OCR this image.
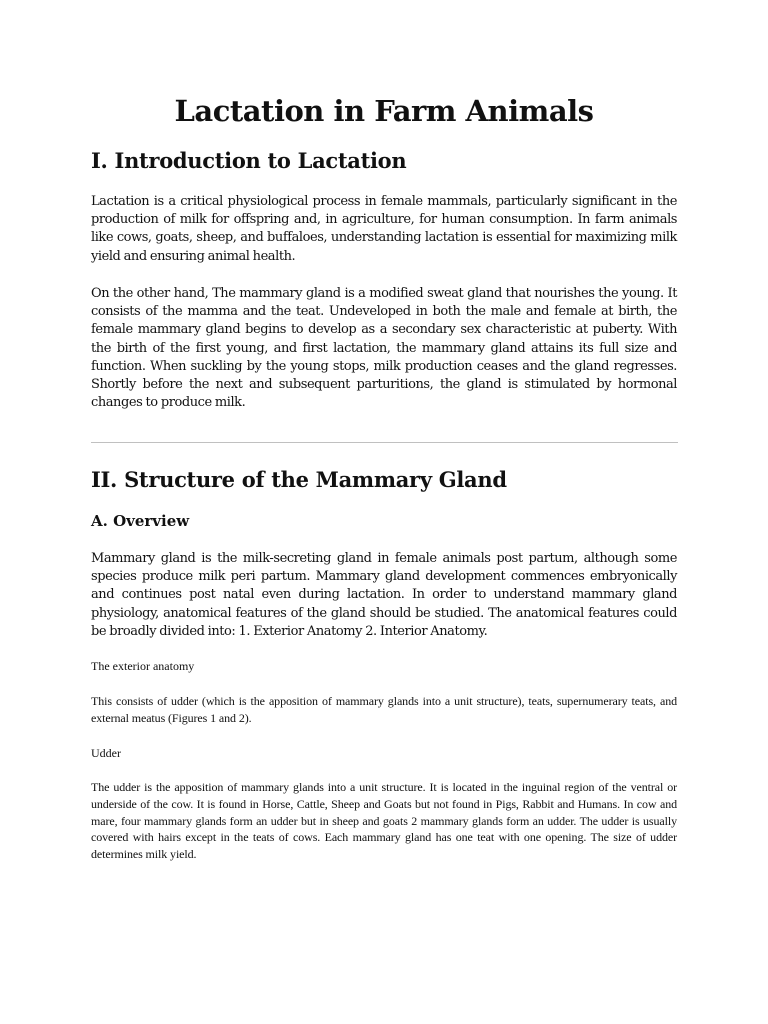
Lactation in Farm Animals
I. Introduction to Lactation

Lactation is a critical physiological process in female mammals, particularly significant in the production of milk for offspring and, in agriculture, for human consumption. In farm animals like cows, goats, sheep, and buffaloes, understanding lactation is essential for maximizing milk yield and ensuring animal health.

On the other hand, The mammary gland is a modified sweat gland that nourishes the young. It consists of the mamma and the teat. Undeveloped in both the male and female at birth, the female mammary gland begins to develop as a secondary sex characteristic at puberty. With the birth of the first young, and first lactation, the mammary gland attains its full size and function. When suckling by the young stops, milk production ceases and the gland regresses. Shortly before the next and subsequent parturitions, the gland is stimulated by hormonal changes to produce milk.

II. Structure of the Mammary Gland
A. Overview

Mammary gland is the milk-secreting gland in female animals post partum, although some species produce milk peri partum. Mammary gland development commences embryonically and continues post natal even during lactation. In order to understand mammary gland physiology, anatomical features of the gland should be studied. The anatomical features could be broadly divided into: 1. Exterior Anatomy 2. Interior Anatomy.

The exterior anatomy

This consists of udder (which is the apposition of mammary glands into a unit structure), teats, supernumerary teats, and external meatus (Figures 1 and 2).

Udder

The udder is the apposition of mammary glands into a unit structure. It is located in the inguinal region of the ventral or underside of the cow. It is found in Horse, Cattle, Sheep and Goats but not found in Pigs, Rabbit and Humans. In cow and mare, four mammary glands form an udder but in sheep and goats 2 mammary glands form an udder. The udder is usually covered with hairs except in the teats of cows. Each mammary gland has one teat with one opening. The size of udder determines milk yield.
